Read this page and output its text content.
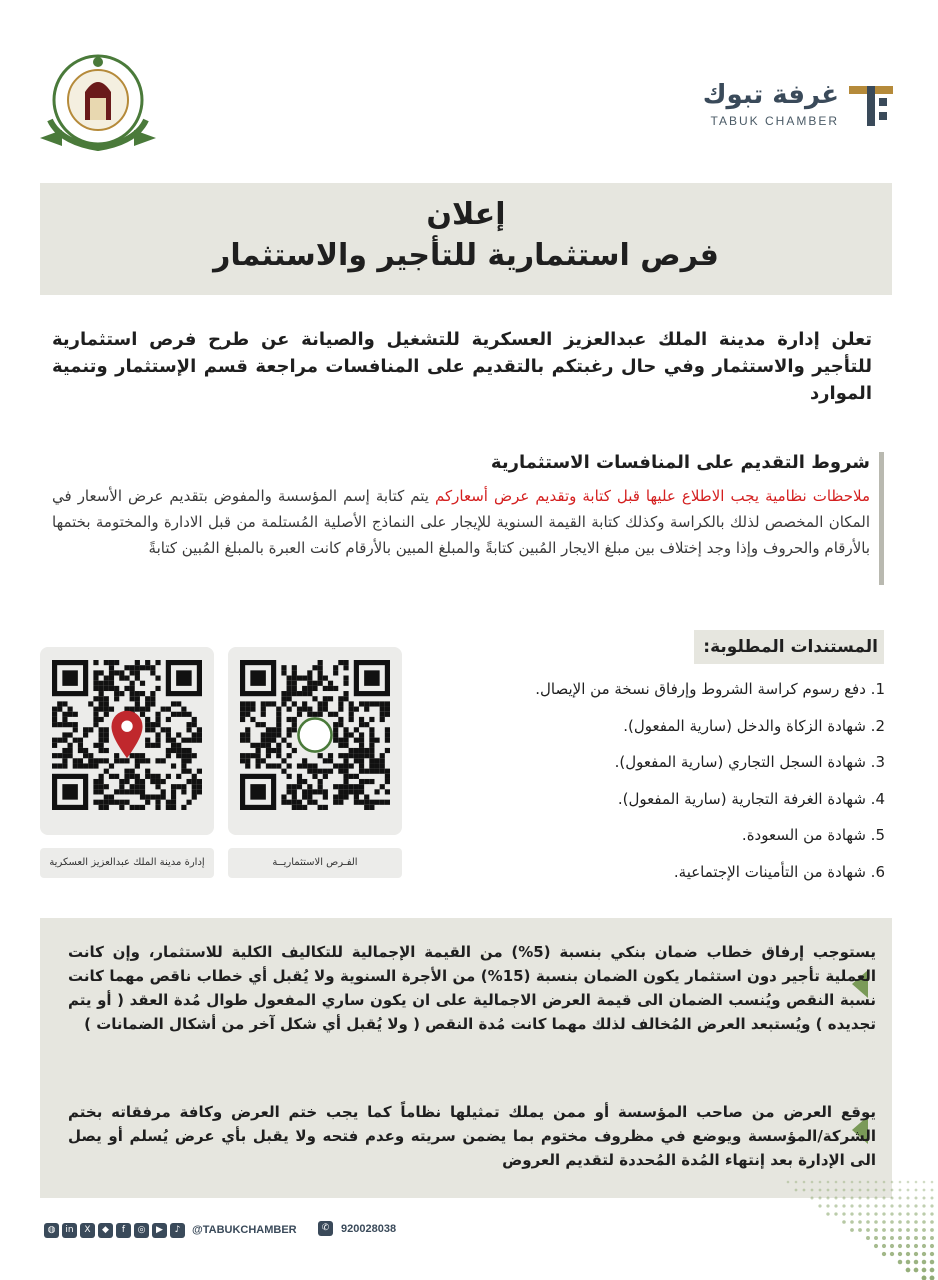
غرفة تبوك
TABUK CHAMBER
إعلان
فرص استثمارية للتأجير والاستثمار
تعلن إدارة مدينة الملك عبدالعزيز العسكرية للتشغيل والصيانة عن طرح فرص استثمارية للتأجير والاستثمار وفي حال رغبتكم بالتقديم على المنافسات مراجعة قسم الإستثمار وتنمية الموارد
شروط التقديم على المنافسات الاستثمارية
ملاحظات نظامية يجب الاطلاع عليها قبل كتابة وتقديم عرض أسعاركم يتم كتابة إسم المؤسسة والمفوض بتقديم عرض الأسعار في المكان المخصص لذلك بالكراسة وكذلك كتابة القيمة السنوية للإيجار على النماذج الأصلية المُستلمة من قبل الادارة والمختومة بختمها بالأرقام والحروف وإذا وجد إختلاف بين مبلغ الايجار المُبين كتابةً والمبلغ المبين بالأرقام كانت العبرة بالمبلغ المُبين كتابةً
المستندات المطلوبة:
1. دفع رسوم كراسة الشروط وإرفاق نسخة من الإيصال.
2. شهادة الزكاة والدخل (سارية المفعول).
3. شهادة السجل التجاري (سارية المفعول).
4. شهادة الغرفة التجارية (سارية المفعول).
5. شهادة من السعودة.
6. شهادة من التأمينات الإجتماعية.
الفـرص الاستثماريــة
إدارة مدينة الملك عبدالعزيز العسكرية
يستوجب إرفاق خطاب ضمان بنكي بنسبة (5%) من القيمة الإجمالية للتكاليف الكلية للاستثمار، وإن كانت العملية تأجير دون استثمار يكون الضمان بنسبة (15%) من الأجرة السنوية ولا يُقبل أي خطاب ناقص مهما كانت نسبة النقص ويُنسب الضمان الى قيمة العرض الاجمالية على ان يكون ساري المفعول طوال مُدة العقد ( أو يتم تجديده ) ويُستبعد العرض المُخالف لذلك مهما كانت مُدة النقص ( ولا يُقبل أي شكل آخر من أشكال الضمانات )
يوقع العرض من صاحب المؤسسة أو ممن يملك تمثيلها نظاماً كما يجب ختم العرض وكافة مرفقاته بختم الشركة/المؤسسة ويوضع في مظروف مختوم بما يضمن سريته وعدم فتحه ولا يقبل بأي عرض يُسلم أو يصل الى الإدارة بعد إنتهاء المُدة المُحددة لتقديم العروض
◍	in	X	◆	f	◎	▶	♪	@TABUKCHAMBER	✆	920028038
